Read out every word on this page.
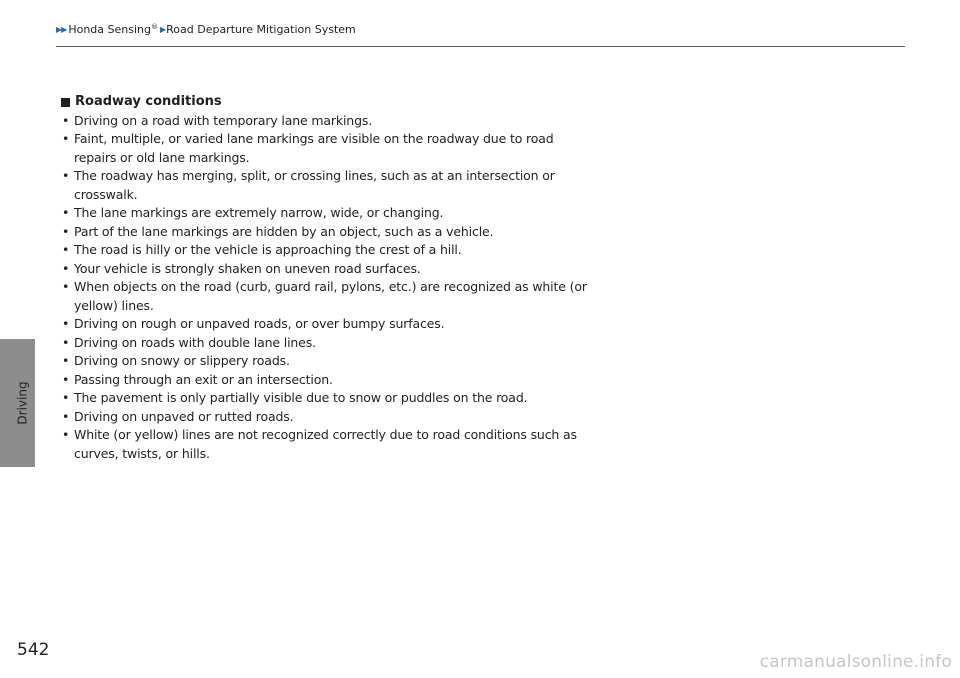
▶▶ Honda Sensing® ▶Road Departure Mitigation System
Driving
Roadway conditions
• Driving on a road with temporary lane markings.
• Faint, multiple, or varied lane markings are visible on the roadway due to road repairs or old lane markings.
• The roadway has merging, split, or crossing lines, such as at an intersection or crosswalk.
• The lane markings are extremely narrow, wide, or changing.
• Part of the lane markings are hidden by an object, such as a vehicle.
• The road is hilly or the vehicle is approaching the crest of a hill.
• Your vehicle is strongly shaken on uneven road surfaces.
• When objects on the road (curb, guard rail, pylons, etc.) are recognized as white (or yellow) lines.
• Driving on rough or unpaved roads, or over bumpy surfaces.
• Driving on roads with double lane lines.
• Driving on snowy or slippery roads.
• Passing through an exit or an intersection.
• The pavement is only partially visible due to snow or puddles on the road.
• Driving on unpaved or rutted roads.
• White (or yellow) lines are not recognized correctly due to road conditions such as curves, twists, or hills.
542
carmanualsonline.info
